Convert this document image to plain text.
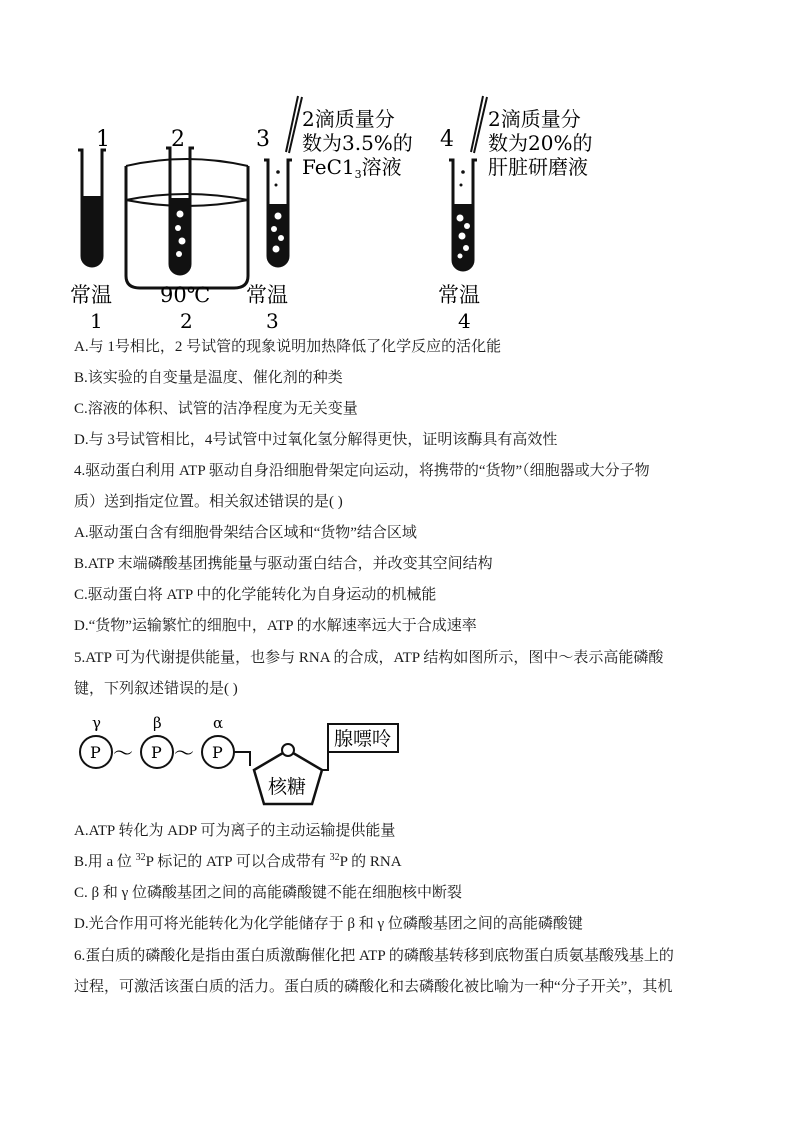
1	2	3	4
2滴质量分
数为3.5%的
$FeC1_3$溶液
2滴质量分
数为20%的
肝脏研磨液
常温 90℃ 常温	常温
1	2	3	4
A.与 1号相比，2 号试管的现象说明加热降低了化学反应的活化能
B.该实验的自变量是温度、催化剂的种类
C.溶液的体积、试管的洁净程度为无关变量
D.与 3号试管相比，4号试管中过氧化氢分解得更快，证明该酶具有高效性
4.驱动蛋白利用 ATP 驱动自身沿细胞骨架定向运动，将携带的“货物”（细胞器或大分子物
质）送到指定位置。相关叙述错误的是( )
A.驱动蛋白含有细胞骨架结合区域和“货物”结合区域
B.ATP 末端磷酸基团携能量与驱动蛋白结合，并改变其空间结构
C.驱动蛋白将 ATP 中的化学能转化为自身运动的机械能
D.“货物”运输繁忙的细胞中，ATP 的水解速率远大于合成速率
5.ATP 可为代谢提供能量，也参与 RNA 的合成，ATP 结构如图所示，图中～表示高能磷酸
键，下列叙述错误的是( )
γ	β	α
P	P	P
～ ～
核糖
腺嘌呤
A.ATP 转化为 ADP 可为离子的主动运输提供能量
B.用 a 位 $^{32}$P 标记的 ATP 可以合成带有 $^{32}$P 的 RNA
C. β 和 γ 位磷酸基团之间的高能磷酸键不能在细胞核中断裂
D.光合作用可将光能转化为化学能储存于 β 和 γ 位磷酸基团之间的高能磷酸键
6.蛋白质的磷酸化是指由蛋白质激酶催化把 ATP 的磷酸基转移到底物蛋白质氨基酸残基上的
过程，可激活该蛋白质的活力。蛋白质的磷酸化和去磷酸化被比喻为一种“分子开关”，其机
